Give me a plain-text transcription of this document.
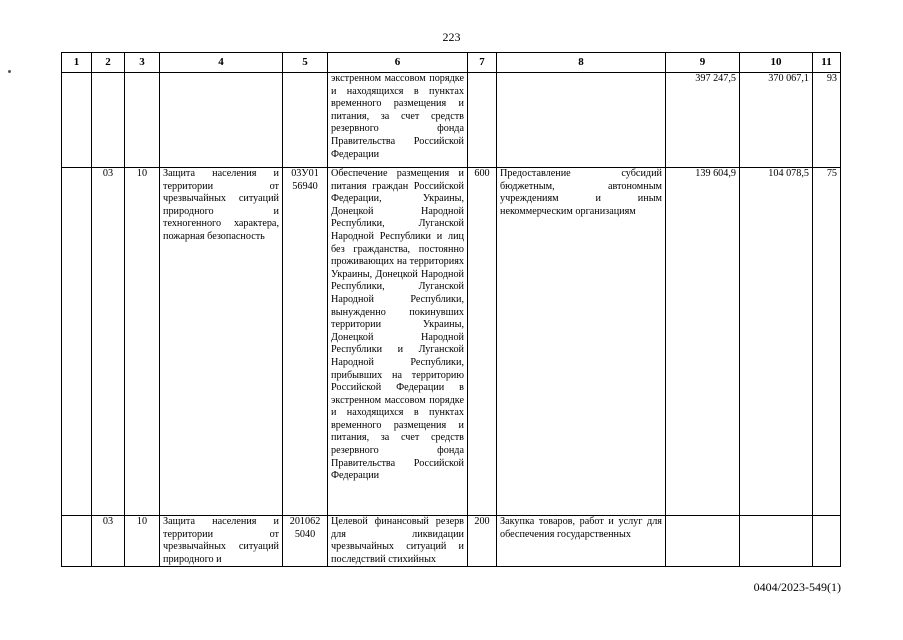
223
1	2	3	4	5	6	7	8	9	10	11
					экстренном массовом порядке и находящихся в пунктах временного размещения и питания, за счет средств резервного фонда Правительства Российской Федерации			397 247,5	370 067,1	93
	03	10	Защита населения и территории от чрезвычайных ситуаций природного и техногенного характера, пожарная безопасность	03У01 56940	Обеспечение размещения и питания граждан Российской Федерации, Украины, Донецкой Народной Республики, Луганской Народной Республики и лиц без гражданства, постоянно проживающих на территориях Украины, Донецкой Народной Республики, Луганской Народной Республики, вынужденно покинувших территории Украины, Донецкой Народной Республики и Луганской Народной Республики, прибывших на территорию Российской Федерации в экстренном массовом порядке и находящихся в пунктах временного размещения и питания, за счет средств резервного фонда Правительства Российской Федерации	600	Предоставление субсидий бюджетным, автономным учреждениям и иным некоммерческим организациям	139 604,9	104 078,5	75
	03	10	Защита населения и территории от чрезвычайных ситуаций природного и	201062 5040	Целевой финансовый резерв для ликвидации чрезвычайных ситуаций и последствий стихийных	200	Закупка товаров, работ и услуг для обеспечения государственных			
0404/2023-549(1)
